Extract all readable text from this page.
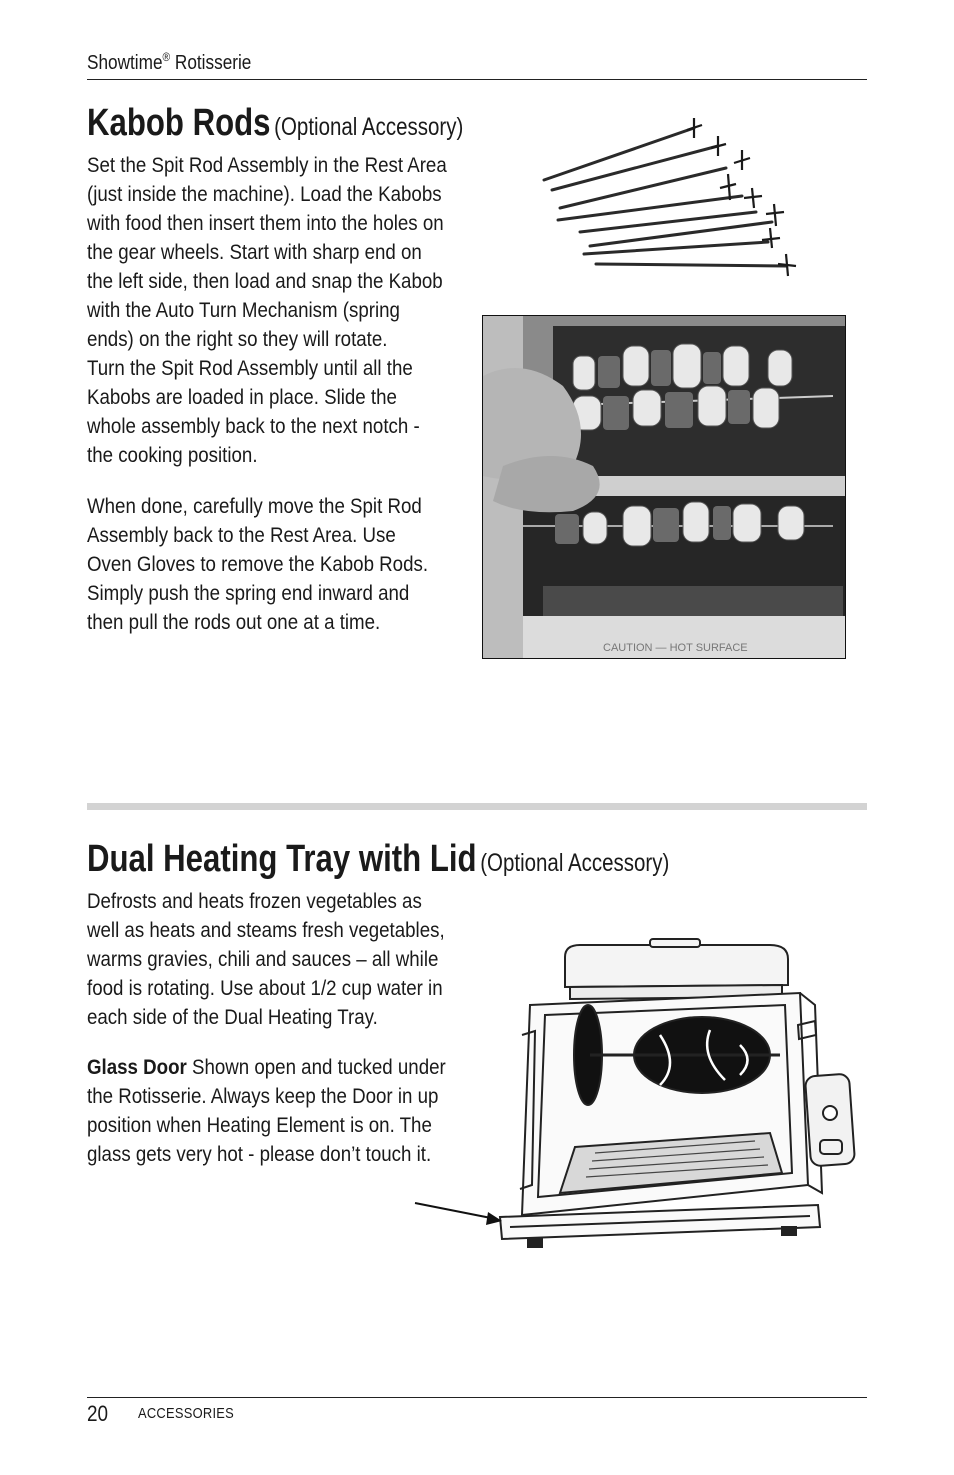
Showtime® Rotisserie
Kabob Rods (Optional Accessory)

Set the Spit Rod Assembly in the Rest Area

(just inside the machine). Load the Kabobs

with food then insert them into the holes on

the gear wheels. Start with sharp end on

the left side, then load and snap the Kabob

with the Auto Turn Mechanism (spring

ends) on the right so they will rotate.

Turn the Spit Rod Assembly until all the

Kabobs are loaded in place. Slide the

whole assembly back to the next notch -

the cooking position.

When done, carefully move the Spit Rod

Assembly back to the Rest Area. Use

Oven Gloves to remove the Kabob Rods.

Simply push the spring end inward and

then pull the rods out one at a time.

CAUTION — HOT SURFACE
Dual Heating Tray with Lid (Optional Accessory)

Defrosts and heats frozen vegetables as

well as heats and steams fresh vegetables,

warms gravies, chili and sauces – all while

food is rotating. Use about 1/2 cup water in

each side of the Dual Heating Tray.

Glass Door Shown open and tucked under

the Rotisserie. Always keep the Door in up

position when Heating Element is on. The

glass gets very hot - please don’t touch it.

20 ACCESSORIES
